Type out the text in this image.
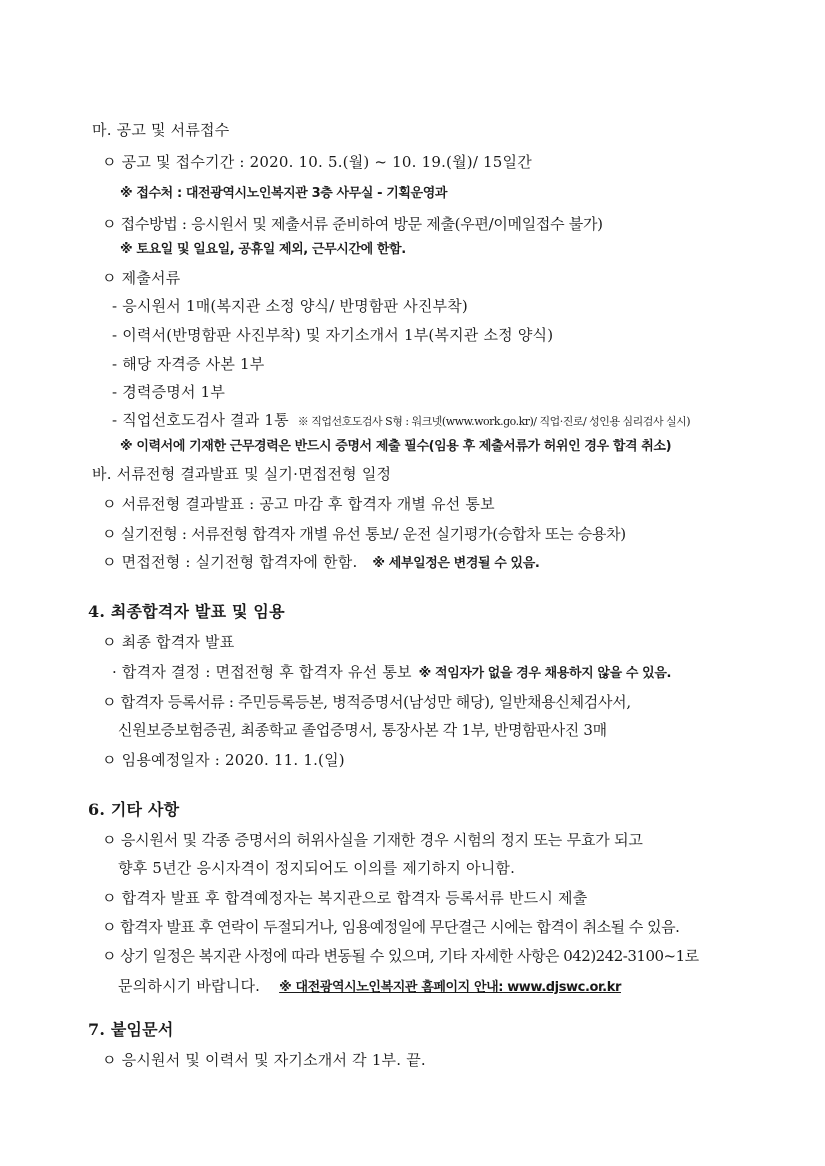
마. 공고 및 서류접수
ㅇ 공고 및 접수기간 : 2020. 10. 5.(월) ~ 10. 19.(월)/ 15일간
※ 접수처 : 대전광역시노인복지관 3층 사무실 - 기획운영과
ㅇ 접수방법 : 응시원서 및 제출서류 준비하여 방문 제출(우편/이메일접수 불가)
※ 토요일 및 일요일, 공휴일 제외, 근무시간에 한함.
ㅇ 제출서류
- 응시원서 1매(복지관 소정 양식/ 반명함판 사진부착)
- 이력서(반명함판 사진부착) 및 자기소개서 1부(복지관 소정 양식)
- 해당 자격증 사본 1부
- 경력증명서 1부
- 직업선호도검사 결과 1통 ※ 직업선호도검사 S형 : 워크넷(www.work.go.kr)/ 직업·진로/ 성인용 심리검사 실시)
※ 이력서에 기재한 근무경력은 반드시 증명서 제출 필수(임용 후 제출서류가 허위인 경우 합격 취소)
바. 서류전형 결과발표 및 실기·면접전형 일정
ㅇ 서류전형 결과발표 : 공고 마감 후 합격자 개별 유선 통보
ㅇ 실기전형 : 서류전형 합격자 개별 유선 통보/ 운전 실기평가(승합차 또는 승용차)
ㅇ 면접전형 : 실기전형 합격자에 한함. ※ 세부일정은 변경될 수 있음.
4. 최종합격자 발표 및 임용
ㅇ 최종 합격자 발표
· 합격자 결정 : 면접전형 후 합격자 유선 통보 ※ 적임자가 없을 경우 채용하지 않을 수 있음.
ㅇ 합격자 등록서류 : 주민등록등본, 병적증명서(남성만 해당), 일반채용신체검사서,
신원보증보험증권, 최종학교 졸업증명서, 통장사본 각 1부, 반명함판사진 3매
ㅇ 임용예정일자 : 2020. 11. 1.(일)
6. 기타 사항
ㅇ 응시원서 및 각종 증명서의 허위사실을 기재한 경우 시험의 정지 또는 무효가 되고
향후 5년간 응시자격이 정지되어도 이의를 제기하지 아니함.
ㅇ 합격자 발표 후 합격예정자는 복지관으로 합격자 등록서류 반드시 제출
ㅇ 합격자 발표 후 연락이 두절되거나, 임용예정일에 무단결근 시에는 합격이 취소될 수 있음.
ㅇ 상기 일정은 복지관 사정에 따라 변동될 수 있으며, 기타 자세한 사항은 042)242-3100~1로
문의하시기 바랍니다. ※ 대전광역시노인복지관 홈페이지 안내: www.djswc.or.kr
7. 붙임문서
ㅇ 응시원서 및 이력서 및 자기소개서 각 1부. 끝.
